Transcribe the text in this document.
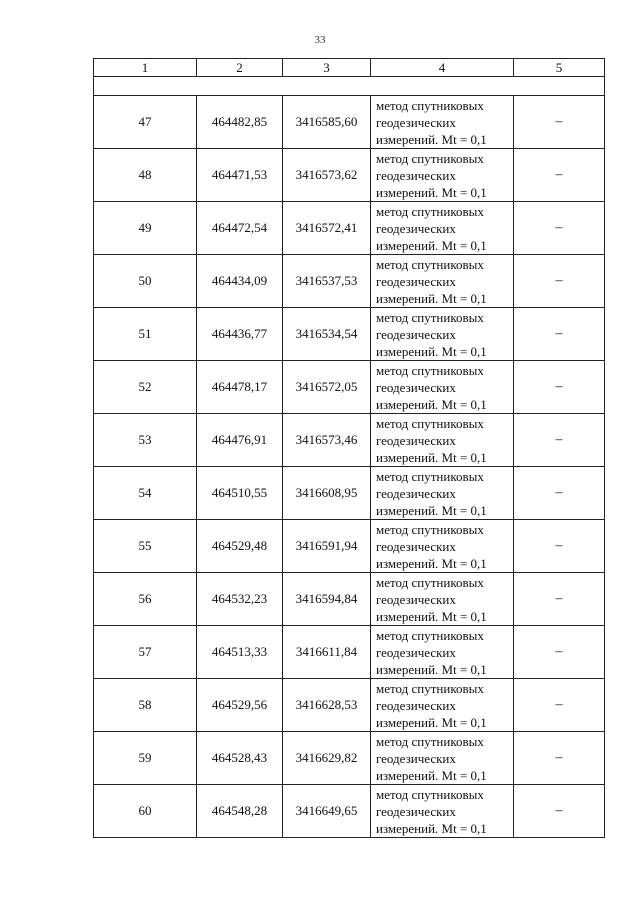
33
1	2	3	4	5

47	464482,85	3416585,60	метод спутниковых
геодезических
измерений. Mt = 0,1	–
48	464471,53	3416573,62	метод спутниковых
геодезических
измерений. Mt = 0,1	–
49	464472,54	3416572,41	метод спутниковых
геодезических
измерений. Mt = 0,1	–
50	464434,09	3416537,53	метод спутниковых
геодезических
измерений. Mt = 0,1	–
51	464436,77	3416534,54	метод спутниковых
геодезических
измерений. Mt = 0,1	–
52	464478,17	3416572,05	метод спутниковых
геодезических
измерений. Mt = 0,1	–
53	464476,91	3416573,46	метод спутниковых
геодезических
измерений. Mt = 0,1	–
54	464510,55	3416608,95	метод спутниковых
геодезических
измерений. Mt = 0,1	–
55	464529,48	3416591,94	метод спутниковых
геодезических
измерений. Mt = 0,1	–
56	464532,23	3416594,84	метод спутниковых
геодезических
измерений. Mt = 0,1	–
57	464513,33	3416611,84	метод спутниковых
геодезических
измерений. Mt = 0,1	–
58	464529,56	3416628,53	метод спутниковых
геодезических
измерений. Mt = 0,1	–
59	464528,43	3416629,82	метод спутниковых
геодезических
измерений. Mt = 0,1	–
60	464548,28	3416649,65	метод спутниковых
геодезических
измерений. Mt = 0,1	–
